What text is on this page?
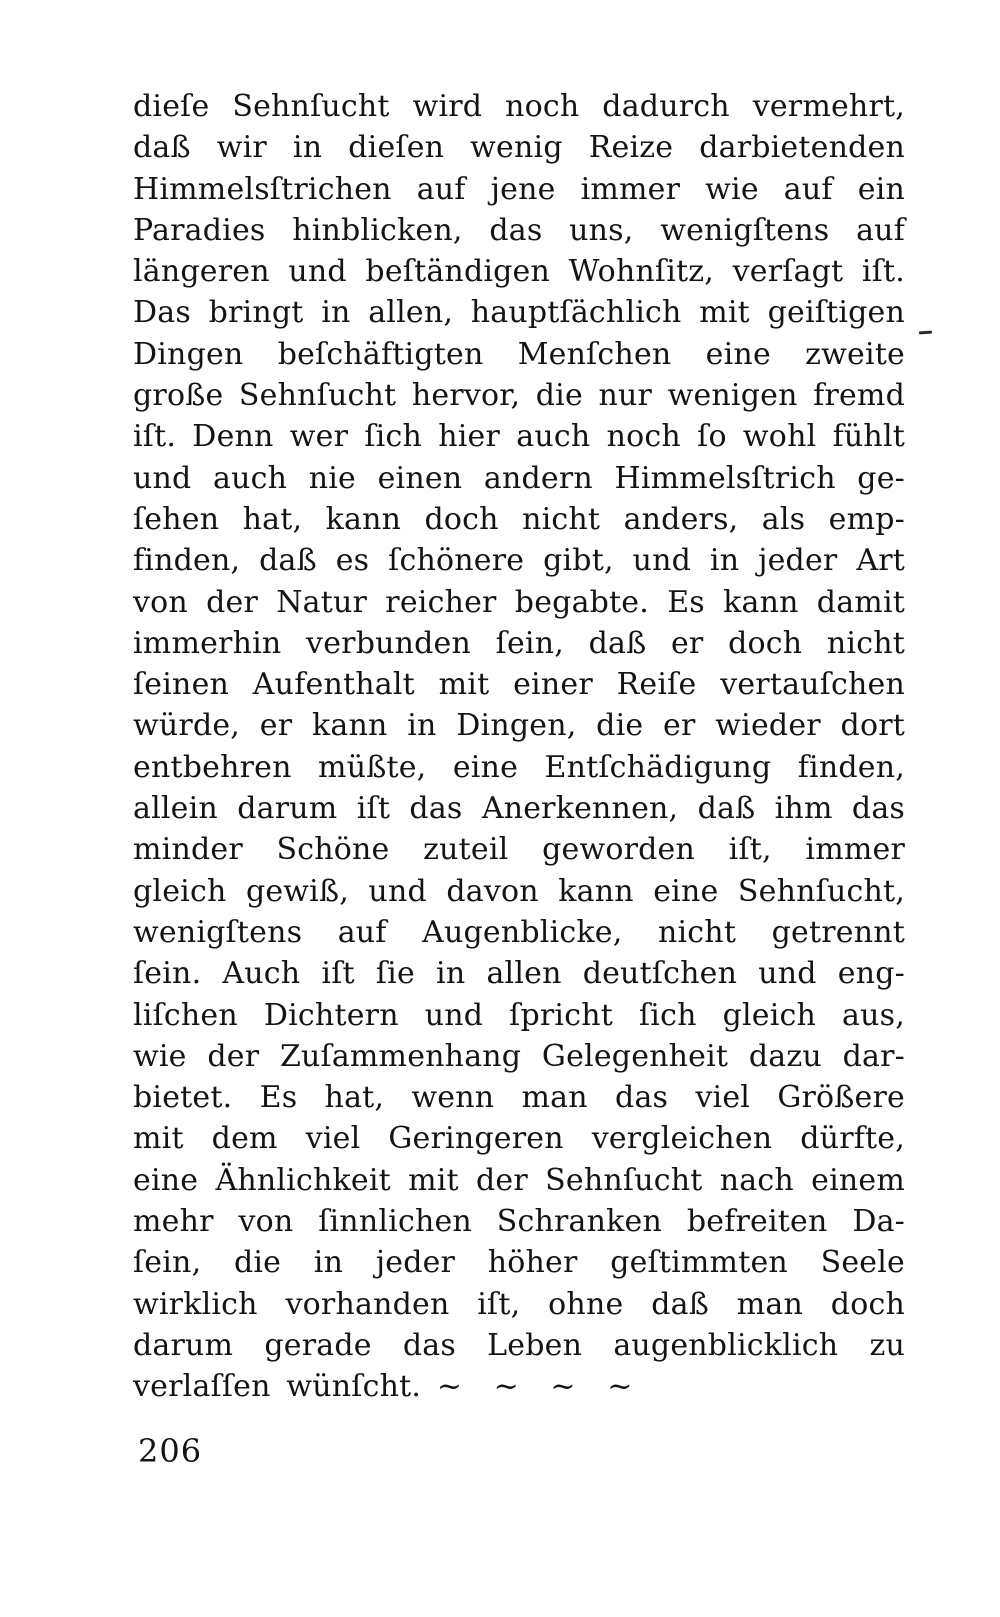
dieſe Sehnſucht wird noch dadurch vermehrt,
daß wir in dieſen wenig Reize darbietenden
Himmelsſtrichen auf jene immer wie auf ein
Paradies hinblicken, das uns, wenigſtens auf
längeren und beſtändigen Wohnſitz, verſagt iſt.
Das bringt in allen, hauptſächlich mit geiſtigen
Dingen beſchäftigten Menſchen eine zweite
große Sehnſucht hervor, die nur wenigen fremd
iſt. Denn wer ſich hier auch noch ſo wohl fühlt
und auch nie einen andern Himmelsſtrich ge-
ſehen hat, kann doch nicht anders, als emp-
finden, daß es ſchönere gibt, und in jeder Art
von der Natur reicher begabte. Es kann damit
immerhin verbunden ſein, daß er doch nicht
ſeinen Aufenthalt mit einer Reiſe vertauſchen
würde, er kann in Dingen, die er wieder dort
entbehren müßte, eine Entſchädigung finden,
allein darum iſt das Anerkennen, daß ihm das
minder Schöne zuteil geworden iſt, immer
gleich gewiß, und davon kann eine Sehnſucht,
wenigſtens auf Augenblicke, nicht getrennt
ſein. Auch iſt ſie in allen deutſchen und eng-
liſchen Dichtern und ſpricht ſich gleich aus,
wie der Zuſammenhang Gelegenheit dazu dar-
bietet. Es hat, wenn man das viel Größere
mit dem viel Geringeren vergleichen dürfte,
eine Ähnlichkeit mit der Sehnſucht nach einem
mehr von ſinnlichen Schranken befreiten Da-
ſein, die in jeder höher geſtimmten Seele
wirklich vorhanden iſt, ohne daß man doch
darum gerade das Leben augenblicklich zu
verlaſſen wünſcht. ~  ~  ~  ~
206
